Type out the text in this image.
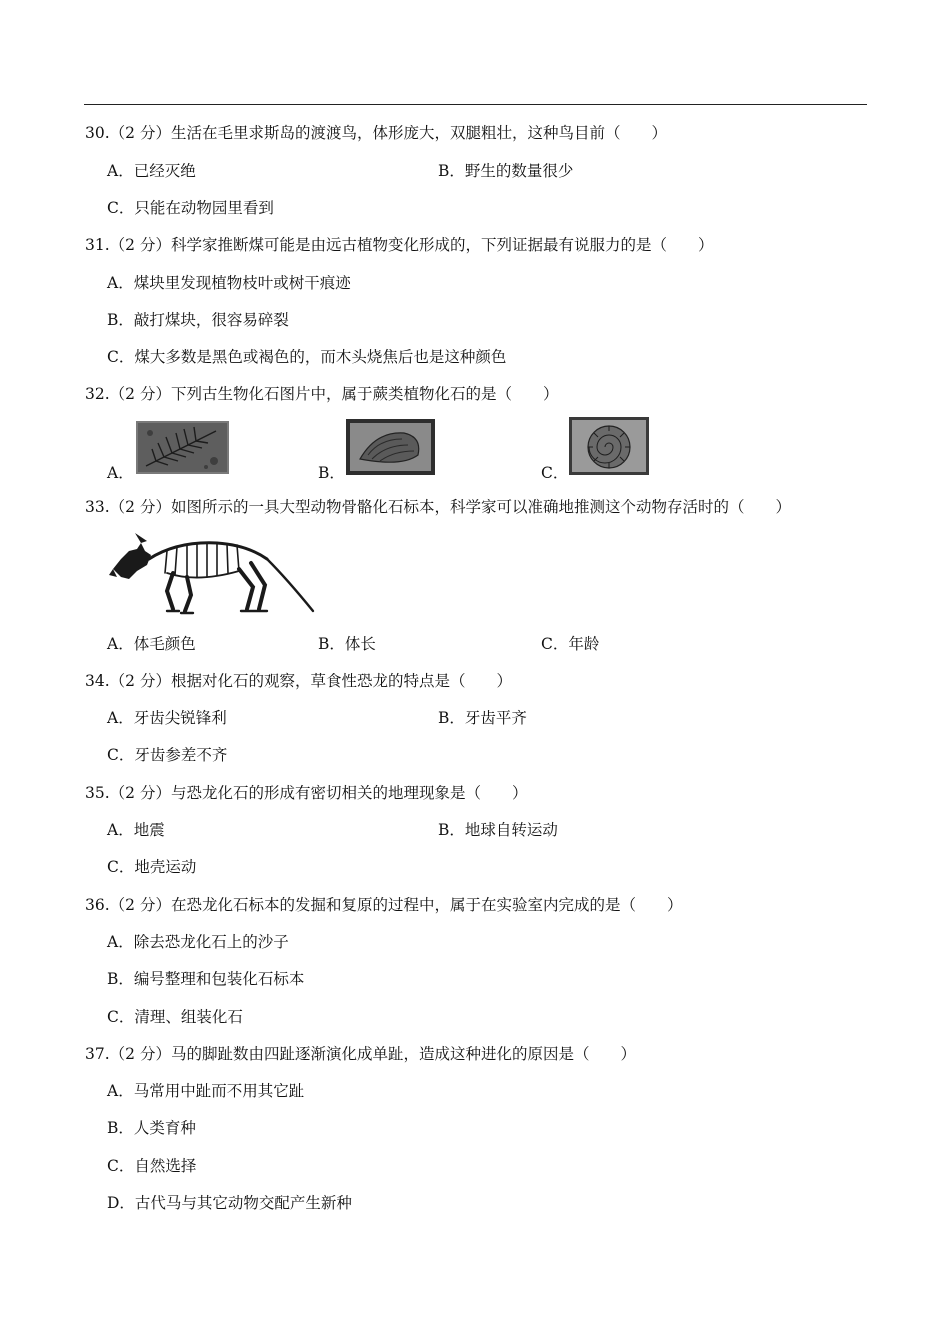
30.（2 分）生活在毛里求斯岛的渡渡鸟，体形庞大，双腿粗壮，这种鸟目前（　　）
A．已经灭绝	B．野生的数量很少
C．只能在动物园里看到
31.（2 分）科学家推断煤可能是由远古植物变化形成的，下列证据最有说服力的是（　　）
A．煤块里发现植物枝叶或树干痕迹
B．敲打煤块，很容易碎裂
C．煤大多数是黑色或褐色的，而木头烧焦后也是这种颜色
32.（2 分）下列古生物化石图片中，属于蕨类植物化石的是（　　）
A．	B．	C．
33.（2 分）如图所示的一具大型动物骨骼化石标本，科学家可以准确地推测这个动物存活时的（　　）
A．体毛颜色	B．体长	C．年龄
34.（2 分）根据对化石的观察，草食性恐龙的特点是（　　）
A．牙齿尖锐锋利	B．牙齿平齐
C．牙齿参差不齐
35.（2 分）与恐龙化石的形成有密切相关的地理现象是（　　）
A．地震	B．地球自转运动
C．地壳运动
36.（2 分）在恐龙化石标本的发掘和复原的过程中，属于在实验室内完成的是（　　）
A．除去恐龙化石上的沙子
B．编号整理和包装化石标本
C．清理、组装化石
37.（2 分）马的脚趾数由四趾逐渐演化成单趾，造成这种进化的原因是（　　）
A．马常用中趾而不用其它趾
B．人类育种
C．自然选择
D．古代马与其它动物交配产生新种
